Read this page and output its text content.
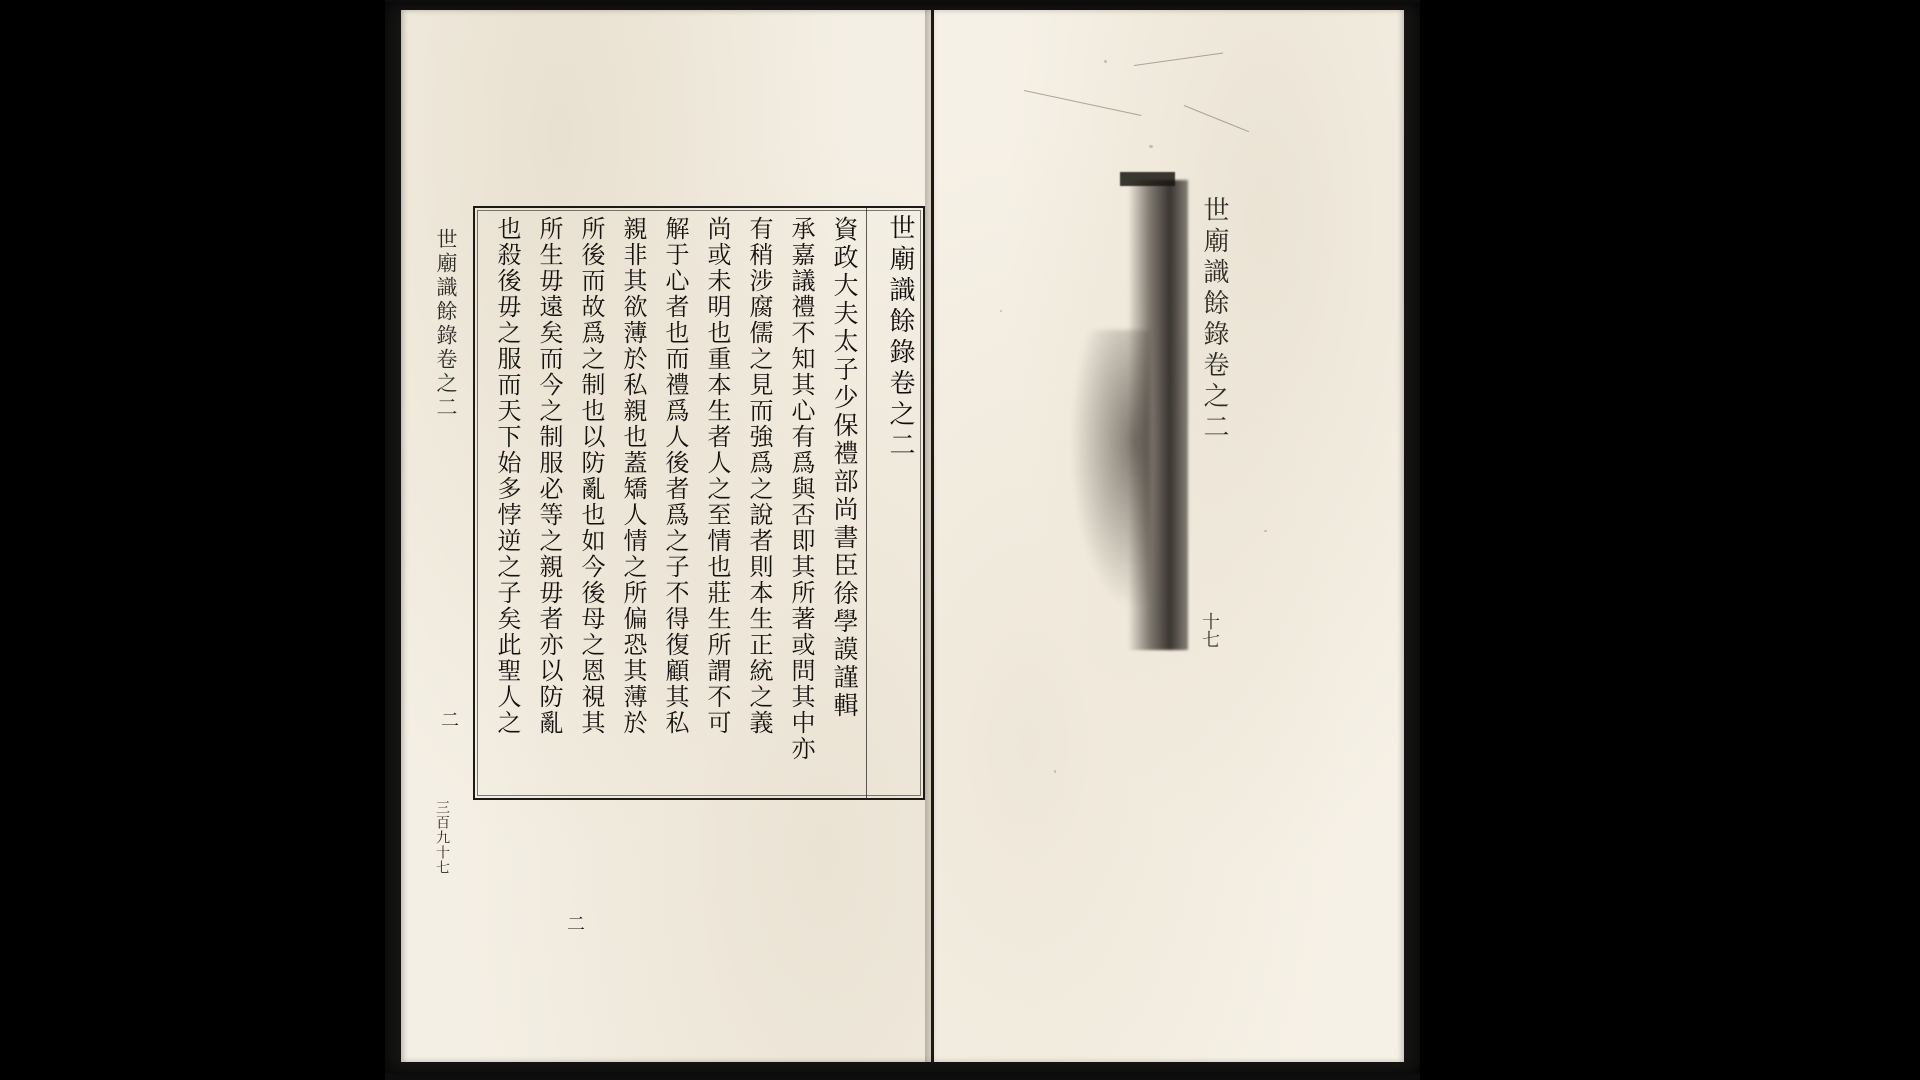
世廟識餘錄卷之二
二
三百九十七
世廟識餘錄卷之二
資政大夫太子少保禮部尚書臣徐學謨謹輯
承嘉議禮不知其心有爲與否即其所著或問其中亦
有稍涉腐儒之見而強爲之說者則本生正統之義
尚或未明也重本生者人之至情也莊生所謂不可
解于心者也而禮爲人後者爲之子不得復顧其私
親非其欲薄於私親也蓋矯人情之所偏恐其薄於
所後而故爲之制也以防亂也如今後母之恩視其
所生毋遠矣而今之制服必等之親毋者亦以防亂
也殺後毋之服而天下始多悖逆之子矣此聖人之
二
世廟識餘錄卷之二
十七
